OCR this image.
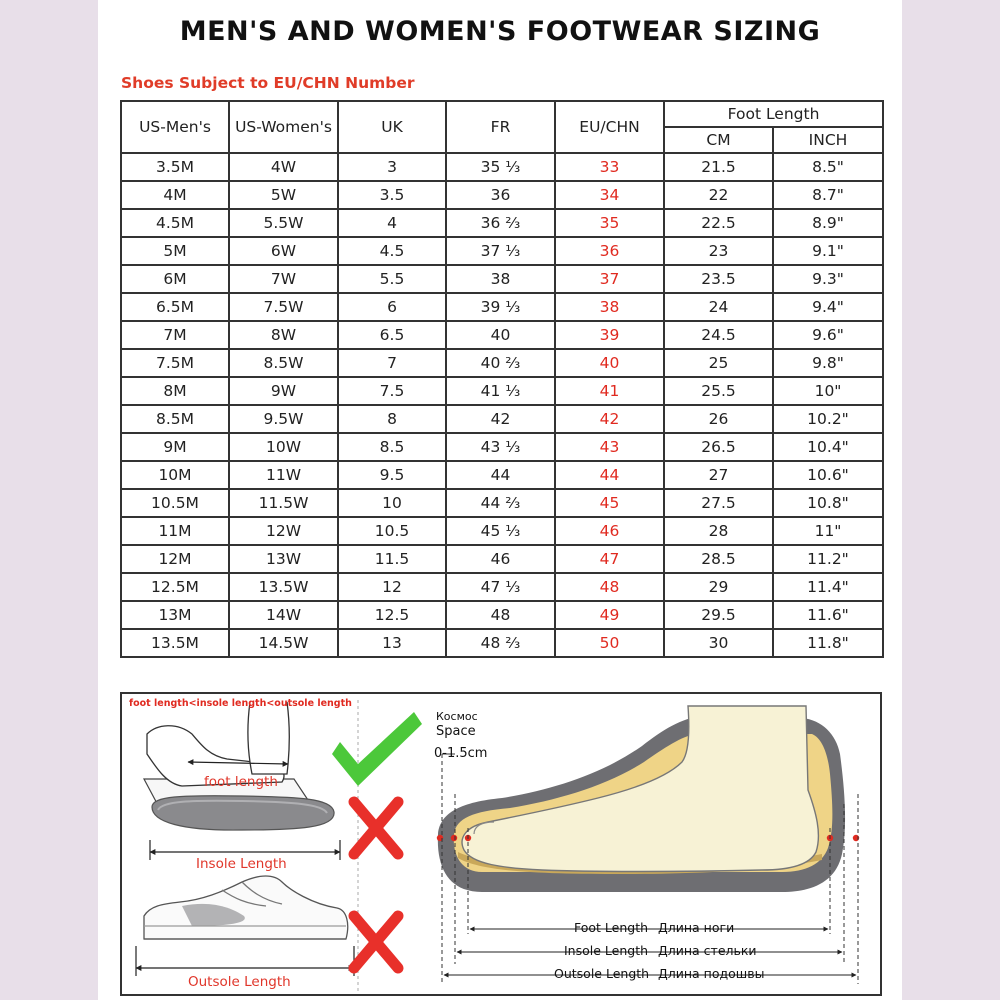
MEN'S AND WOMEN'S FOOTWEAR SIZING
Shoes Subject to EU/CHN Number
US-Men's	US-Women's	UK	FR	EU/CHN	Foot Length	
					CM	INCH
3.5M	4W	3	35 ⅓	33	21.5	8.5"
4M	5W	3.5	36	34	22	8.7"
4.5M	5.5W	4	36 ⅔	35	22.5	8.9"
5M	6W	4.5	37 ⅓	36	23	9.1"
6M	7W	5.5	38	37	23.5	9.3"
6.5M	7.5W	6	39 ⅓	38	24	9.4"
7M	8W	6.5	40	39	24.5	9.6"
7.5M	8.5W	7	40 ⅔	40	25	9.8"
8M	9W	7.5	41 ⅓	41	25.5	10"
8.5M	9.5W	8	42	42	26	10.2"
9M	10W	8.5	43 ⅓	43	26.5	10.4"
10M	11W	9.5	44	44	27	10.6"
10.5M	11.5W	10	44 ⅔	45	27.5	10.8"
11M	12W	10.5	45 ⅓	46	28	11"
12M	13W	11.5	46	47	28.5	11.2"
12.5M	13.5W	12	47 ⅓	48	29	11.4"
13M	14W	12.5	48	49	29.5	11.6"
13.5M	14.5W	13	48 ⅔	50	30	11.8"
foot length<insole length<outsole length
foot length
Insole Length
Outsole Length
Космос
Space
0-1.5cm
Foot Length Длина ноги
Insole Length Длина стельки
Outsole Length Длина подошвы
